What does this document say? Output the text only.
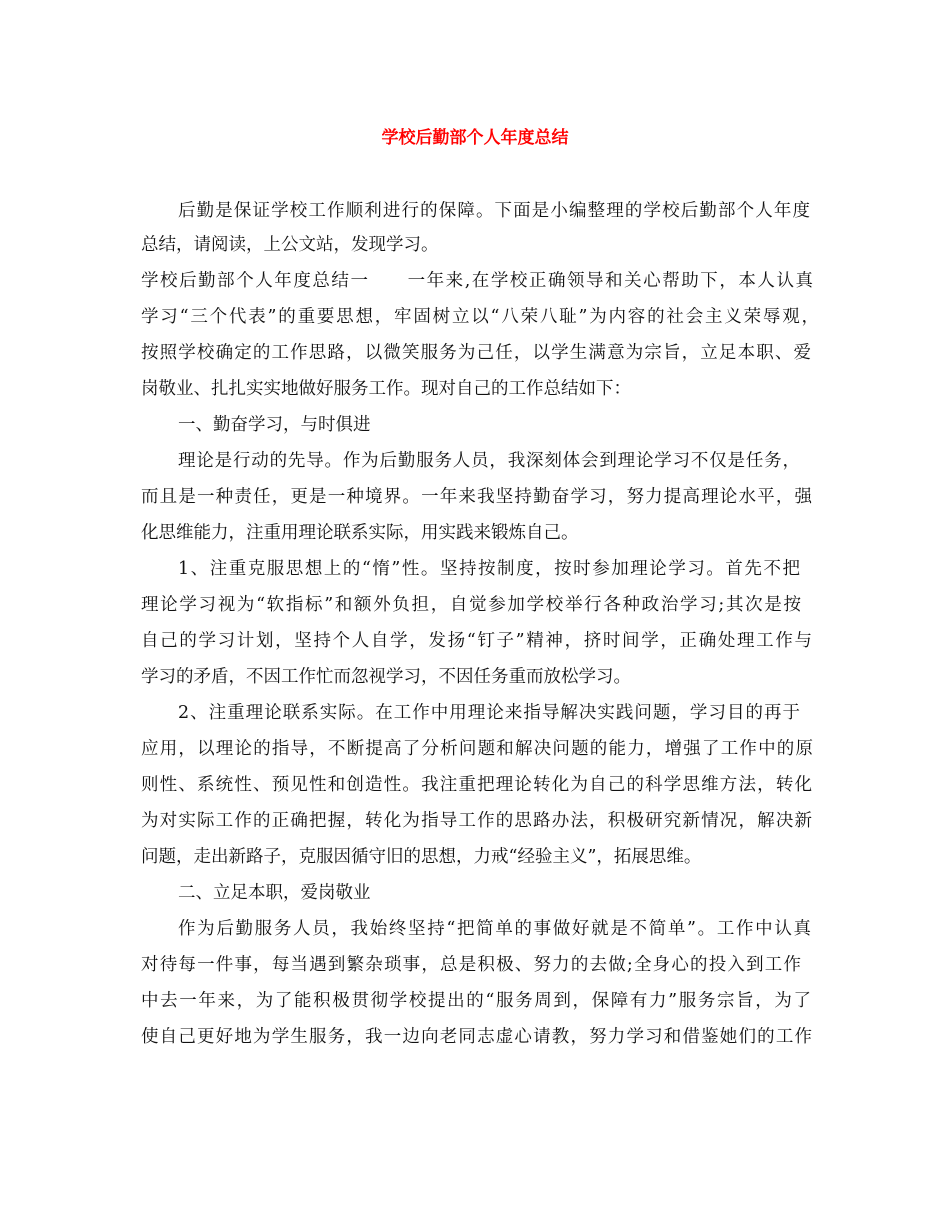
学校后勤部个人年度总结
后勤是保证学校工作顺利进行的保障。下面是小编整理的学校后勤部个人年度
总结，请阅读，上公文站，发现学习。
学校后勤部个人年度总结一　　一年来,在学校正确领导和关心帮助下，本人认真
学习“三个代表”的重要思想，牢固树立以“八荣八耻”为内容的社会主义荣辱观，
按照学校确定的工作思路，以微笑服务为己任，以学生满意为宗旨，立足本职、爱
岗敬业、扎扎实实地做好服务工作。现对自己的工作总结如下：
一、勤奋学习，与时俱进
理论是行动的先导。作为后勤服务人员，我深刻体会到理论学习不仅是任务，
而且是一种责任，更是一种境界。一年来我坚持勤奋学习，努力提高理论水平，强
化思维能力，注重用理论联系实际，用实践来锻炼自己。
1、注重克服思想上的“惰”性。坚持按制度，按时参加理论学习。首先不把
理论学习视为“软指标”和额外负担，自觉参加学校举行各种政治学习;其次是按
自己的学习计划，坚持个人自学，发扬“钉子”精神，挤时间学，正确处理工作与
学习的矛盾，不因工作忙而忽视学习，不因任务重而放松学习。
2、注重理论联系实际。在工作中用理论来指导解决实践问题，学习目的再于
应用，以理论的指导，不断提高了分析问题和解决问题的能力，增强了工作中的原
则性、系统性、预见性和创造性。我注重把理论转化为自己的科学思维方法，转化
为对实际工作的正确把握，转化为指导工作的思路办法，积极研究新情况，解决新
问题，走出新路子，克服因循守旧的思想，力戒“经验主义”，拓展思维。
二、立足本职，爱岗敬业
作为后勤服务人员，我始终坚持“把简单的事做好就是不简单”。工作中认真
对待每一件事，每当遇到繁杂琐事，总是积极、努力的去做;全身心的投入到工作
中去一年来，为了能积极贯彻学校提出的“服务周到，保障有力”服务宗旨，为了
使自己更好地为学生服务，我一边向老同志虚心请教，努力学习和借鉴她们的工作
